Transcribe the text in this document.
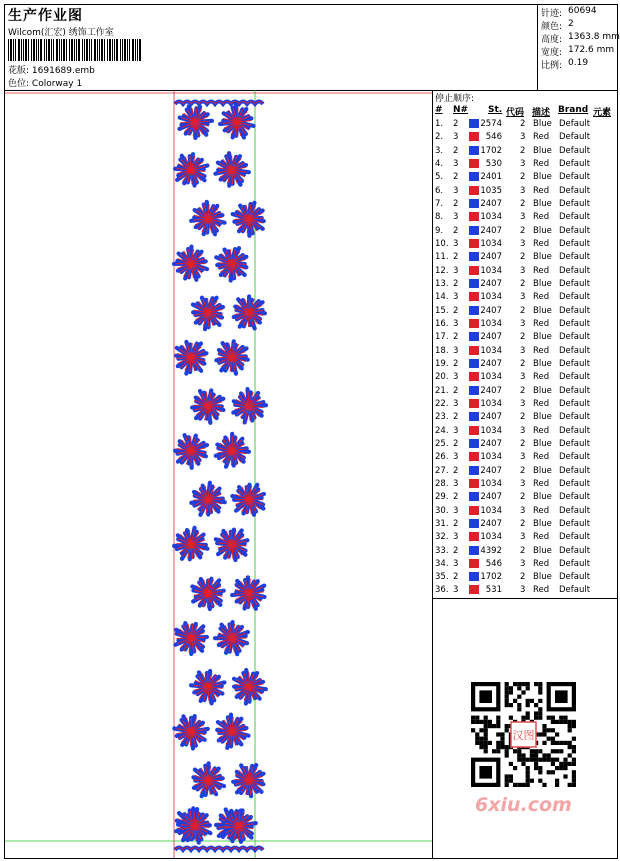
生产作业图
Wilcom(汇宏) 绣饰工作室
花版: 1691689.emb
色位: Colorway 1
针迹: 60694
颜色: 2
高度: 1363.8 mm
宽度: 172.6 mm
比例: 0.19
停止顺序:
# N# St. 代码 描述 Brand 元素
1. 2	2574 2 Blue Default
2. 3	546 3 Red Default
3. 2	1702 2 Blue Default
4. 3	530 3 Red Default
5. 2	2401 2 Blue Default
6. 3	1035 3 Red Default
7. 2	2407 2 Blue Default
8. 3	1034 3 Red Default
9. 2	2407 2 Blue Default
10. 3	1034 3 Red Default
11. 2	2407 2 Blue Default
12. 3	1034 3 Red Default
13. 2	2407 2 Blue Default
14. 3	1034 3 Red Default
15. 2	2407 2 Blue Default
16. 3	1034 3 Red Default
17. 2	2407 2 Blue Default
18. 3	1034 3 Red Default
19. 2	2407 2 Blue Default
20. 3	1034 3 Red Default
21. 2	2407 2 Blue Default
22. 3	1034 3 Red Default
23. 2	2407 2 Blue Default
24. 3	1034 3 Red Default
25. 2	2407 2 Blue Default
26. 3	1034 3 Red Default
27. 2	2407 2 Blue Default
28. 3	1034 3 Red Default
29. 2	2407 2 Blue Default
30. 3	1034 3 Red Default
31. 2	2407 2 Blue Default
32. 3	1034 3 Red Default
33. 2	4392 2 Blue Default
34. 3	546 3 Red Default
35. 2	1702 2 Blue Default
36. 3	531 3 Red Default
汉图
6xiu.com
